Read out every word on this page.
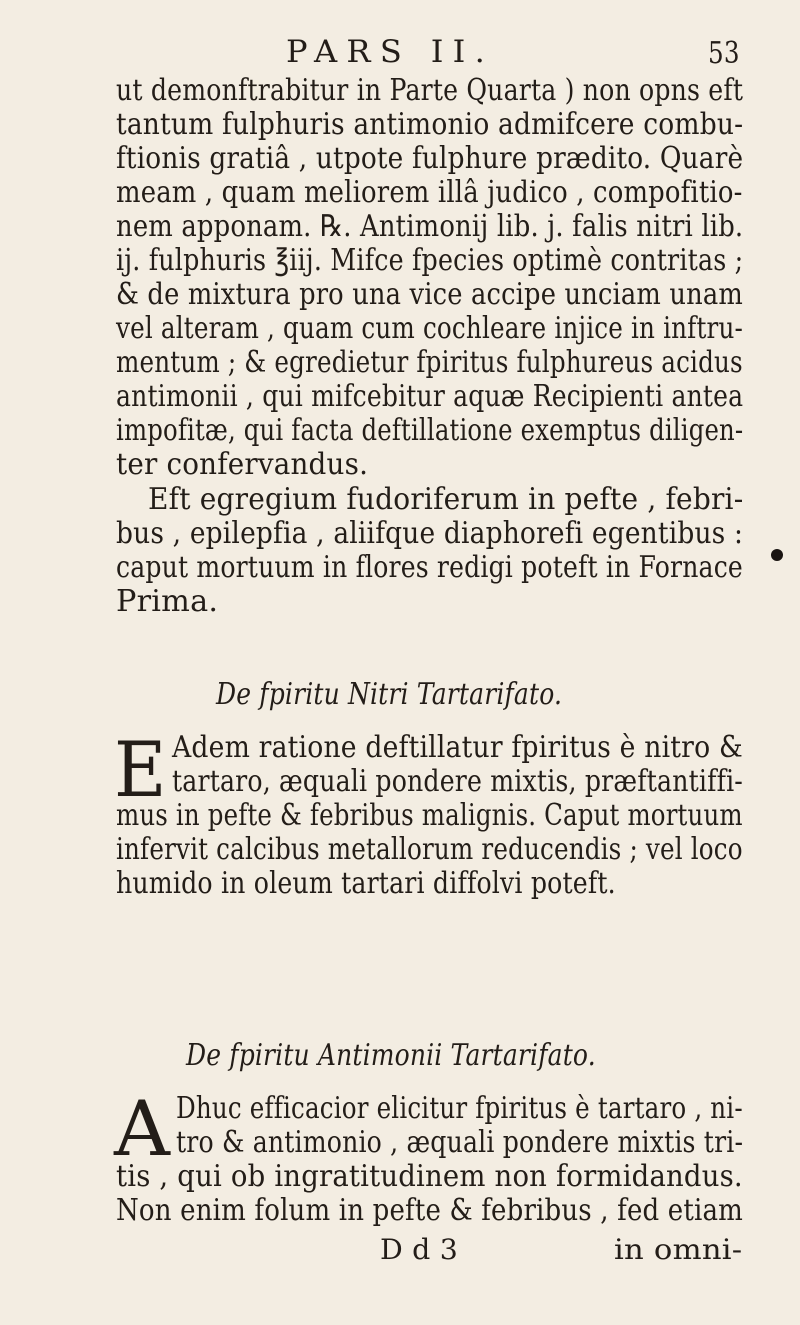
PARS II.	53
ut demonftrabitur in Parte Quarta ) non opns eft
tantum fulphuris antimonio admifcere combu-
ftionis gratiâ , utpote fulphure prædito. Quarè
meam , quam meliorem illâ judico , compofitio-
nem apponam. ℞. Antimonij lib. j. falis nitri lib.
ij. fulphuris ℥iij. Mifce fpecies optimè contritas ;
& de mixtura pro una vice accipe unciam unam
vel alteram , quam cum cochleare injice in inftru-
mentum ; & egredietur fpiritus fulphureus acidus
antimonii , qui mifcebitur aquæ Recipienti antea
impofitæ, qui facta deftillatione exemptus diligen-
ter confervandus.
Eft egregium fudoriferum in pefte , febri-
bus , epilepfia , aliifque diaphorefi egentibus :
caput mortuum in flores redigi poteft in Fornace
Prima.
De fpiritu Nitri Tartarifato.
E Adem ratione deftillatur fpiritus è nitro &
tartaro, æquali pondere mixtis, præftantiffi-
mus in pefte & febribus malignis. Caput mortuum
infervit calcibus metallorum reducendis ; vel loco
humido in oleum tartari diffolvi poteft.
De fpiritu Antimonii Tartarifato.
A Dhuc efficacior elicitur fpiritus è tartaro , ni-
tro & antimonio , æquali pondere mixtis tri-
tis , qui ob ingratitudinem non formidandus.
Non enim folum in pefte & febribus , fed etiam
D d 3	in omni-
